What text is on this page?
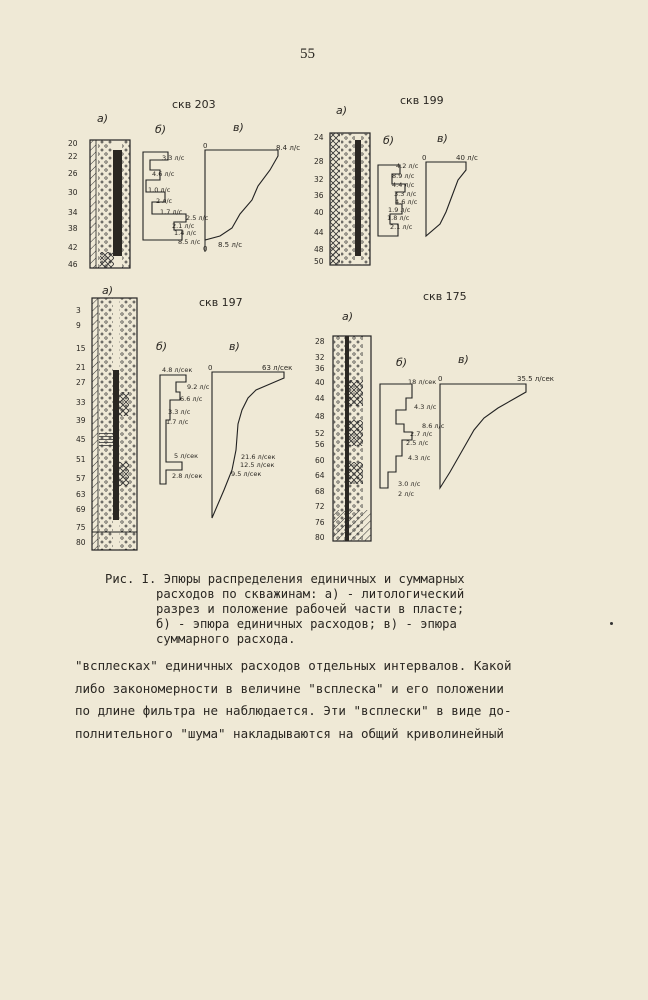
55
скв 203
а)
б)	в)
20
22
26
30
34
38
42
46
3.3 л/с
4.6 л/с
1.0 л/с
2 л/с
1.7 л/с
2.5 л/с
2.1 л/с
1.4 л/с
8.5 л/с
0	8.4 л/с
0 8.5 л/с
скв 199
а)
б)	в)
24
28
32
36
40
44
48
50
4.2 л/с
8.9 л/с
4.4 л/с
3.3 л/с
4.6 л/с
1.9 л/с
1.8 л/с
2.1 л/с
0	40 л/с
скв 197
а)
б)	в)
3
9
15
21
27
33
39
45
51
57
63
69
75
80
4.8 л/сек
9.2 л/с
6.6 л/с
3.3 л/с
1.7 л/с
5 л/сек
2.8 л/сек
21.6 л/сек
12.5 л/сек
9.5 л/сек
0	63 л/сек
скв 175
а)
б)	в)
28
32
36
40
44
48
52
56
60
64
68
72
76
80
18 л/сек
4.3 л/с
8.6 л/с
2.7 л/с
2.5 л/с
4.3 л/с
3.0 л/с
2 л/с
0	35.5 л/сек
Рис. I. Эпюры распределения единичных и суммарных
расходов по скважинам: а) - литологический
разрез и положение рабочей части в пласте;
б) - эпюра единичных расходов; в) - эпюра
суммарного расхода.
"всплесках" единичных расходов отдельных интервалов. Какой
либо закономерности в величине "всплеска" и его положении
по длине фильтра не наблюдается. Эти "всплески" в виде до-
полнительного "шума" накладываются на общий криволинейный
